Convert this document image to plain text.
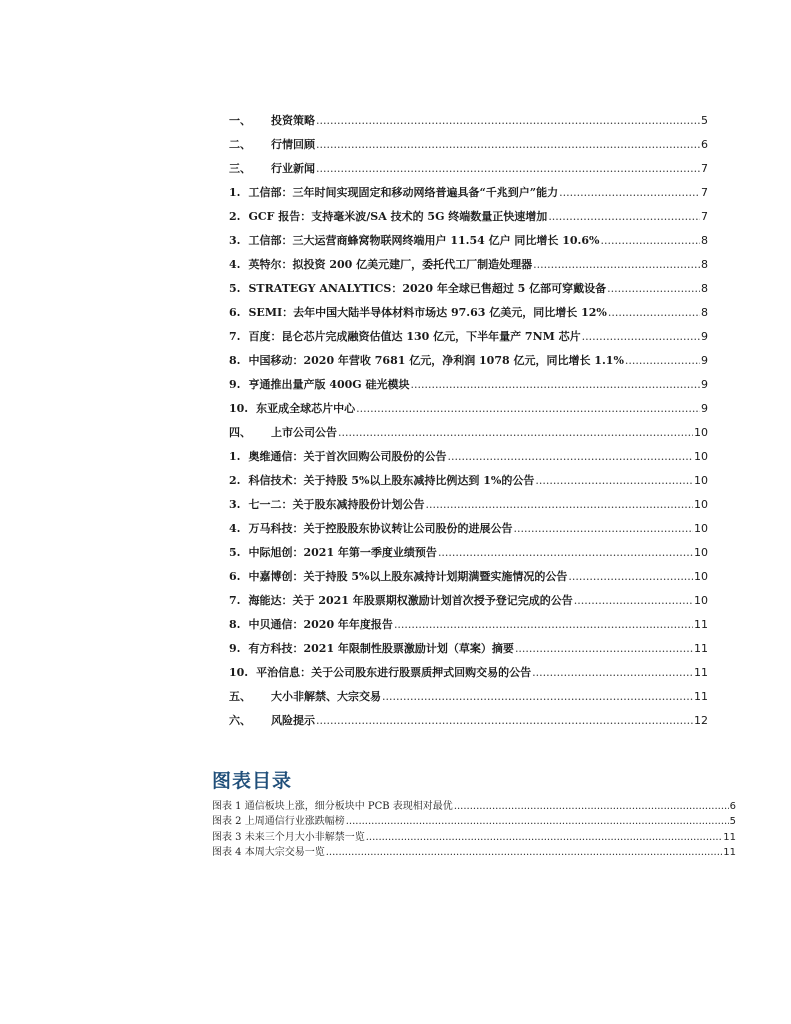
一、	投资策略 .....	5
二、	行情回顾 .....	6
三、	行业新闻 .....	7
1. 工信部：三年时间实现固定和移动网络普遍具备“千兆到户”能力 .....	7
2. GCF 报告：支持毫米波/SA 技术的 5G 终端数量正快速增加 .....	7
3. 工信部：三大运营商蜂窝物联网终端用户 11.54 亿户 同比增长 10.6% .....	8
4. 英特尔：拟投资 200 亿美元建厂，委托代工厂制造处理器 .....	8
5. STRATEGY ANALYTICS：2020 年全球已售超过 5 亿部可穿戴设备 .....	8
6. SEMI：去年中国大陆半导体材料市场达 97.63 亿美元，同比增长 12% .....	8
7. 百度：昆仑芯片完成融资估值达 130 亿元，下半年量产 7NM 芯片 .....	9
8. 中国移动：2020 年营收 7681 亿元，净利润 1078 亿元，同比增长 1.1% .....	9
9. 亨通推出量产版 400G 硅光模块 .....	9
10. 东亚成全球芯片中心 .....	9
四、	上市公司公告 .....	10
1. 奥维通信：关于首次回购公司股份的公告 .....	10
2. 科信技术：关于持股 5%以上股东减持比例达到 1%的公告 .....	10
3. 七一二：关于股东减持股份计划公告 .....	10
4. 万马科技：关于控股股东协议转让公司股份的进展公告 .....	10
5. 中际旭创：2021 年第一季度业绩预告 .....	10
6. 中嘉博创：关于持股 5%以上股东减持计划期满暨实施情况的公告 .....	10
7. 海能达：关于 2021 年股票期权激励计划首次授予登记完成的公告 .....	10
8. 中贝通信：2020 年年度报告 .....	11
9. 有方科技：2021 年限制性股票激励计划（草案）摘要 .....	11
10. 平治信息：关于公司股东进行股票质押式回购交易的公告 .....	11
五、	大小非解禁、大宗交易 .....	11
六、	风险提示 .....	12
图表目录
图表 1 通信板块上涨，细分板块中 PCB 表现相对最优 .....	6
图表 2 上周通信行业涨跌幅榜 .....	5
图表 3 未来三个月大小非解禁一览 .....	11
图表 4 本周大宗交易一览 .....	11
